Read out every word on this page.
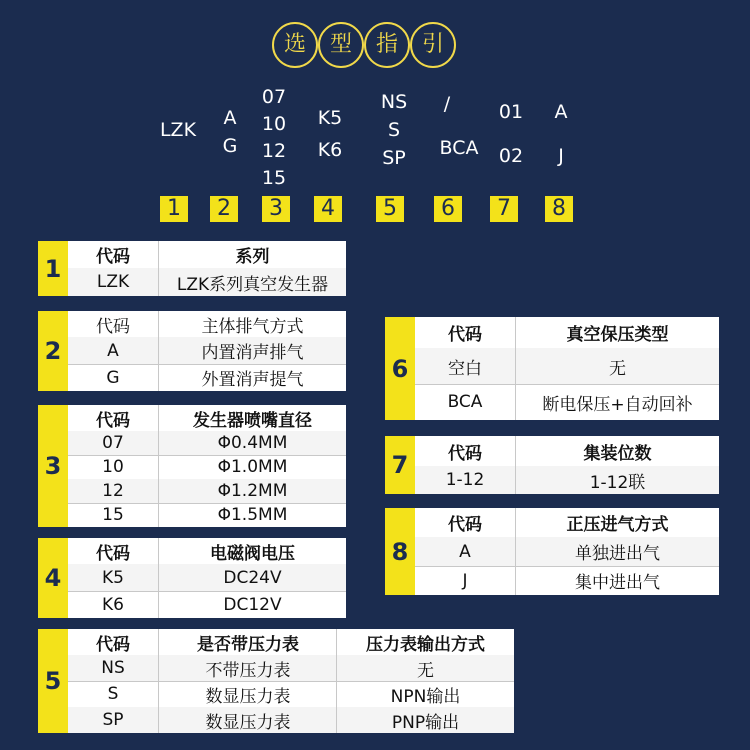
选	型	指	引
LZK
A
G
07
10
12
15
K5
K6
NS
S
SP
/
BCA
01
02
A
J
1	2	3	4	5	6	7	8
1	代码	系列
LZK	LZK系列真空发生器
2
代码	主体排气方式
A	内置消声排气
G	外置消声提气
3
代码	发生器喷嘴直径
07	Φ0.4MM
10	Φ1.0MM
12	Φ1.2MM
15	Φ1.5MM
4
代码	电磁阀电压
K5	DC24V
K6	DC12V
5
代码	是否带压力表	压力表输出方式
NS	不带压力表	无
S	数显压力表	NPN输出
SP	数显压力表	PNP输出
6
代码	真空保压类型
空白	无
BCA	断电保压+自动回补
7	代码	集装位数
1-12	1-12联
8
代码	正压进气方式
A	单独进出气
J	集中进出气
